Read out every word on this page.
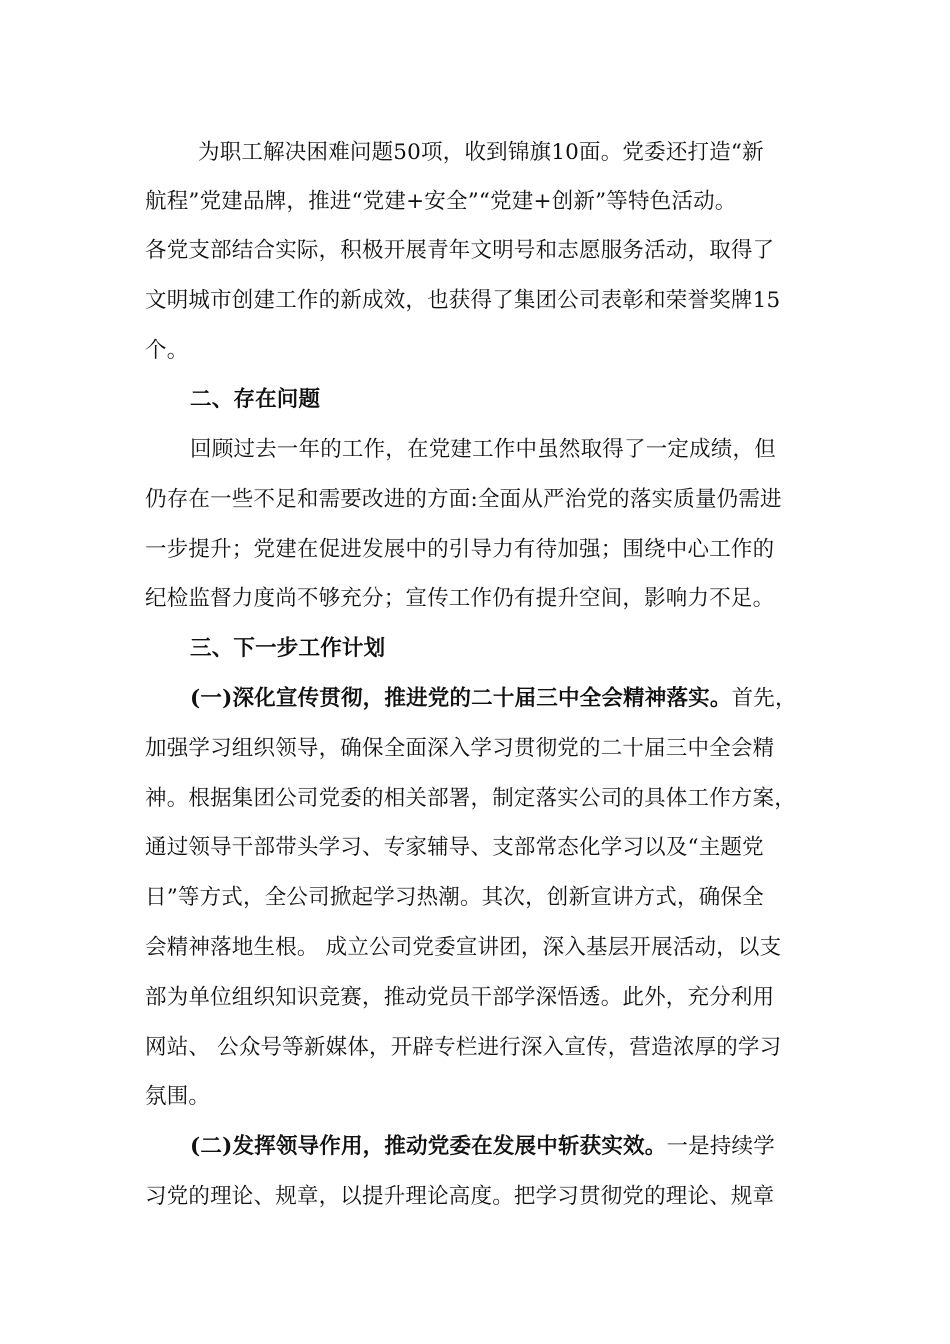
为职工解决困难问题50项，收到锦旗10面。党委还打造“新
航程”党建品牌，推进“党建+安全”“党建+创新”等特色活动。
各党支部结合实际，积极开展青年文明号和志愿服务活动，取得了
文明城市创建工作的新成效，也获得了集团公司表彰和荣誉奖牌15
个。
二、存在问题
回顾过去一年的工作，在党建工作中虽然取得了一定成绩，但
仍存在一些不足和需要改进的方面:全面从严治党的落实质量仍需进
一步提升；党建在促进发展中的引导力有待加强；围绕中心工作的
纪检监督力度尚不够充分；宣传工作仍有提升空间，影响力不足。
三、下一步工作计划
(一)深化宣传贯彻，推进党的二十届三中全会精神落实。首先，
加强学习组织领导，确保全面深入学习贯彻党的二十届三中全会精
神。根据集团公司党委的相关部署，制定落实公司的具体工作方案，
通过领导干部带头学习、专家辅导、支部常态化学习以及“主题党
日”等方式，全公司掀起学习热潮。其次，创新宣讲方式，确保全
会精神落地生根。 成立公司党委宣讲团，深入基层开展活动，以支
部为单位组织知识竞赛，推动党员干部学深悟透。此外，充分利用
网站、 公众号等新媒体，开辟专栏进行深入宣传，营造浓厚的学习
氛围。
(二)发挥领导作用，推动党委在发展中斩获实效。一是持续学
习党的理论、规章，以提升理论高度。把学习贯彻党的理论、规章
